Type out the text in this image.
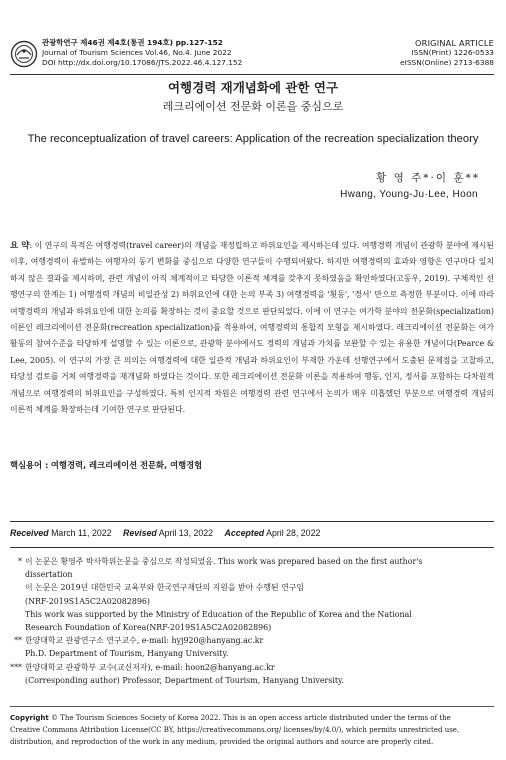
관광학연구 제46권 제4호(통권 194호) pp.127-152
Journal of Tourism Sciences Vol.46, No.4. June 2022
DOI http://dx.doi.org/10.17086/JTS.2022.46.4.127.152
ORIGINAL ARTICLE
ISSN(Print) 1226-0533
eISSN(Online) 2713-6388
여행경력 재개념화에 관한 연구
레크리에이션 전문화 이론을 중심으로
The reconceptualization of travel careers: Application of the recreation specialization theory
황 영 주*·이 훈**
Hwang, Young-Ju·Lee, Hoon
요 약: 이 연구의 목적은 여행경력(travel career)의 개념을 재정립하고 하위요인을 제시하는데 있다. 여행경력 개념이 관광학 분야에 제시된 이후, 여행경력이 유발하는 여행자의 동기 변화를 중심으로 다양한 연구들이 수행되어왔다. 하지만 여행경력의 효과와 영향은 연구마다 일치하지 않은 결과를 제시하며, 관련 개념이 아직 체계적이고 타당한 이론적 체계를 갖추지 못하였음을 확인하였다(고동우, 2019). 구체적인 선행연구의 한계는 1) 여행경력 개념의 비일관성 2) 하위요인에 대한 논의 부족 3) 여행경력을 '횟동', '경서' 만으로 측정한 부분이다. 이에 따라 여행경력의 개념과 하위요인에 대한 논의를 확장하는 것이 중요할 것으로 판단되었다. 이에 이 연구는 여가학 분야의 전문화(specialization)이론인 레크리에이션 전문화(recreation specialization)를 적용하여, 여행경력의 통합적 모형을 제시하였다. 레크리에이션 전문화는 여가활동의 참여수준을 타당하게 설명할 수 있는 이론으로, 관광학 분야에서도 경력의 개념과 가치를 보완할 수 있는 유용한 개념이다(Pearce & Lee, 2005). 이 연구의 가장 큰 의의는 여행경력에 대한 일관적 개념과 하위요인이 부재한 가운데 선행연구에서 도출된 문제점을 고찰하고, 타당성 검토를 거쳐 여행경력을 재개념화 하였다는 것이다. 또한 레크리에이션 전문화 이론을 적용하여 행동, 인지, 정서를 포함하는 다차원적 개념으로 여행경력의 하위요인을 구성하였다. 특히 인지적 차원은 여행경력 관련 연구에서 논의가 매우 미흡했던 부분으로 여행경력 개념의 이론적 체계를 확장하는데 기여한 연구로 판단된다.
핵심용어 : 여행경력, 레크리에이션 전문화, 여행경험
Received March 11, 2022 Revised April 13, 2022 Accepted April 28, 2022
*
**
***
이 논문은 황영주 박사학위논문을 중심으로 작성되었음. This work was prepared based on the first author's
dissertation
이 논문은 2019년 대한민국 교육부와 한국연구재단의 지원을 받아 수행된 연구임
(NRF-2019S1A5C2A02082896)
This work was supported by the Ministry of Education of the Republic of Korea and the National
Research Foundation of Korea(NRF-2019S1A5C2A02082896)
한양대학교 관광연구소 연구교수, e-mail: hyj920@hanyang.ac.kr
Ph.D. Department of Tourism, Hanyang University.
한양대학교 관광학부 교수(교신저자), e-mail: hoon2@hanyang.ac.kr
(Corresponding author) Professor, Department of Tourism, Hanyang University.
Copyright © The Tourism Sciences Society of Korea 2022. This is an open access article distributed under the terms of the
Creative Commons Attribution License(CC BY, https://creativecommons.org/ licenses/by/4.0/), which permits unrestricted use,
distribution, and reproduction of the work in any medium, provided the original authors and source are properly cited.
